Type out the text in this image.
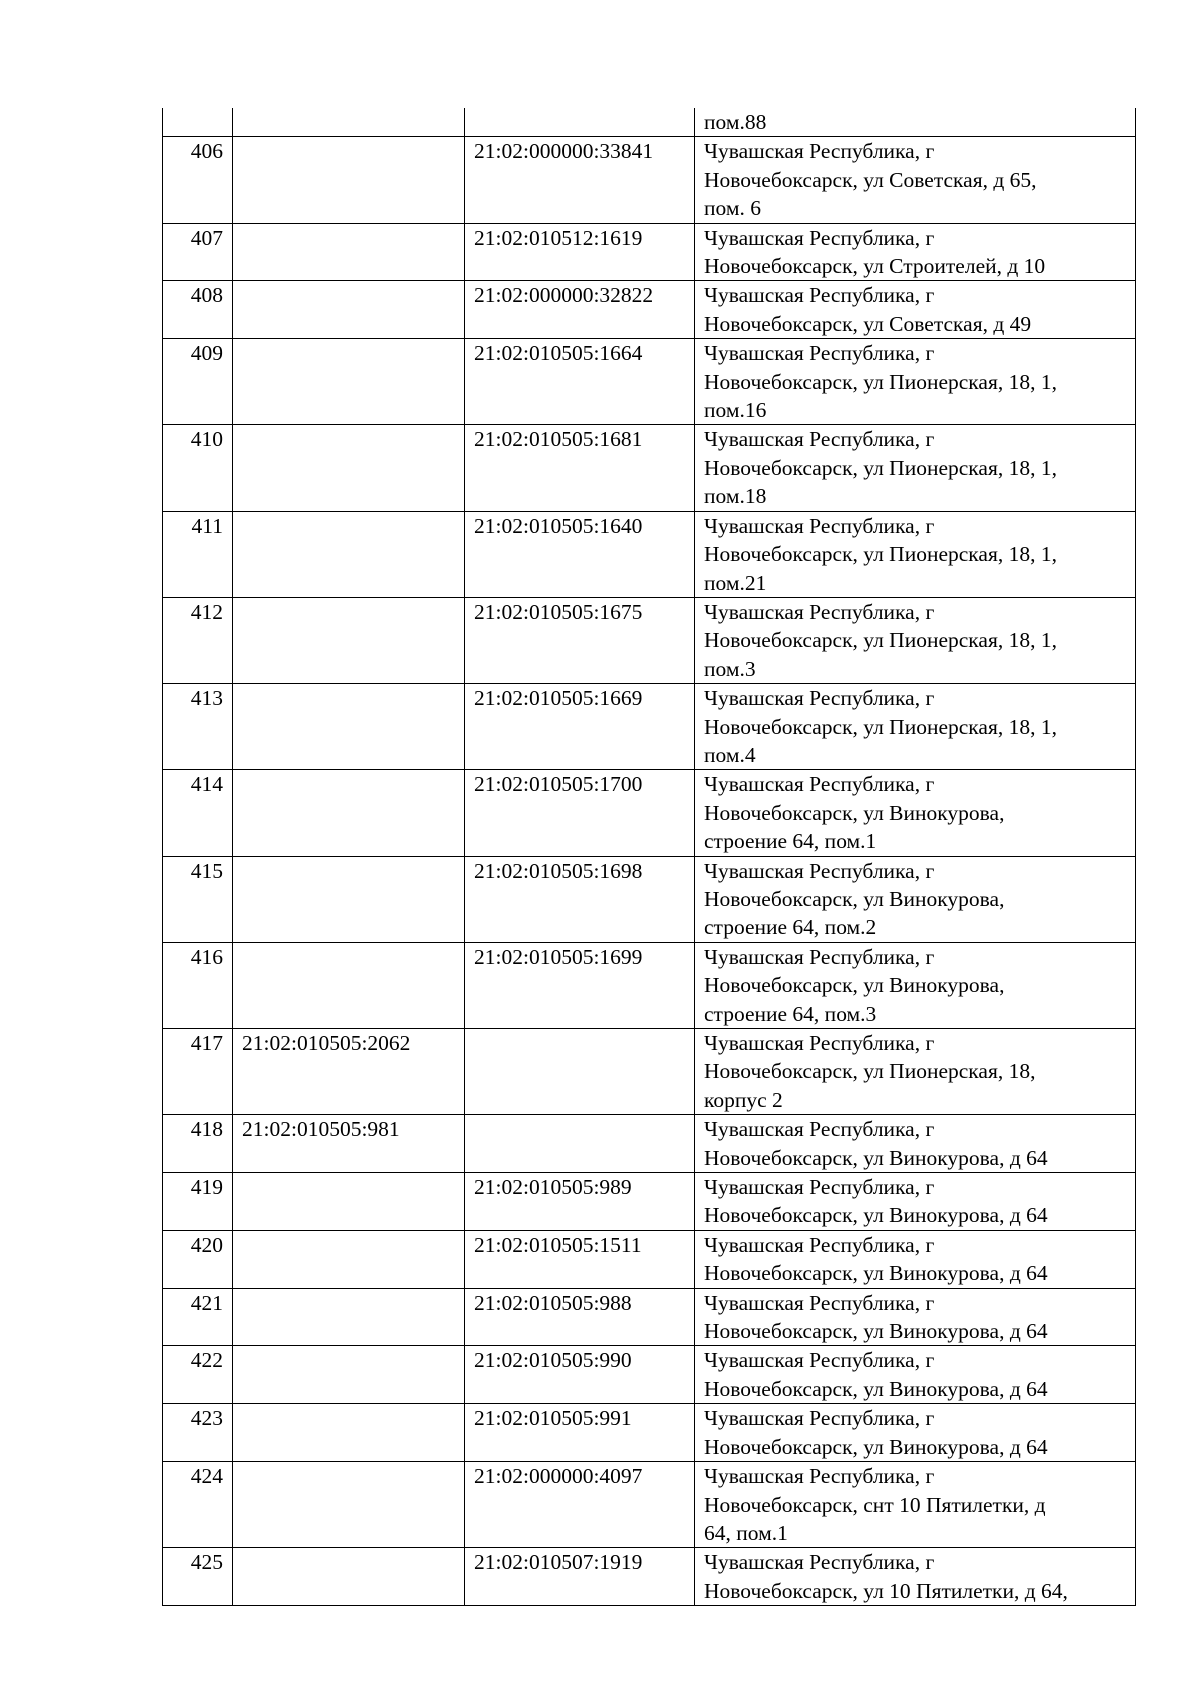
			пом.88

406		21:02:000000:33841	Чувашская Республика, г
Новочебоксарск, ул Советская, д 65,
пом. 6

407		21:02:010512:1619	Чувашская Республика, г
Новочебоксарск, ул Строителей, д 10

408		21:02:000000:32822	Чувашская Республика, г
Новочебоксарск, ул Советская, д 49

409		21:02:010505:1664	Чувашская Республика, г
Новочебоксарск, ул Пионерская, 18, 1,
пом.16

410		21:02:010505:1681	Чувашская Республика, г
Новочебоксарск, ул Пионерская, 18, 1,
пом.18

411		21:02:010505:1640	Чувашская Республика, г
Новочебоксарск, ул Пионерская, 18, 1,
пом.21

412		21:02:010505:1675	Чувашская Республика, г
Новочебоксарск, ул Пионерская, 18, 1,
пом.3

413		21:02:010505:1669	Чувашская Республика, г
Новочебоксарск, ул Пионерская, 18, 1,
пом.4

414		21:02:010505:1700	Чувашская Республика, г
Новочебоксарск, ул Винокурова,
строение 64, пом.1

415		21:02:010505:1698	Чувашская Республика, г
Новочебоксарск, ул Винокурова,
строение 64, пом.2

416		21:02:010505:1699	Чувашская Республика, г
Новочебоксарск, ул Винокурова,
строение 64, пом.3

417	21:02:010505:2062		Чувашская Республика, г
Новочебоксарск, ул Пионерская, 18,
корпус 2

418	21:02:010505:981		Чувашская Республика, г
Новочебоксарск, ул Винокурова, д 64

419		21:02:010505:989	Чувашская Республика, г
Новочебоксарск, ул Винокурова, д 64

420		21:02:010505:1511	Чувашская Республика, г
Новочебоксарск, ул Винокурова, д 64

421		21:02:010505:988	Чувашская Республика, г
Новочебоксарск, ул Винокурова, д 64

422		21:02:010505:990	Чувашская Республика, г
Новочебоксарск, ул Винокурова, д 64

423		21:02:010505:991	Чувашская Республика, г
Новочебоксарск, ул Винокурова, д 64

424		21:02:000000:4097	Чувашская Республика, г
Новочебоксарск, снт 10 Пятилетки, д
64, пом.1

425		21:02:010507:1919	Чувашская Республика, г
Новочебоксарск, ул 10 Пятилетки, д 64,
